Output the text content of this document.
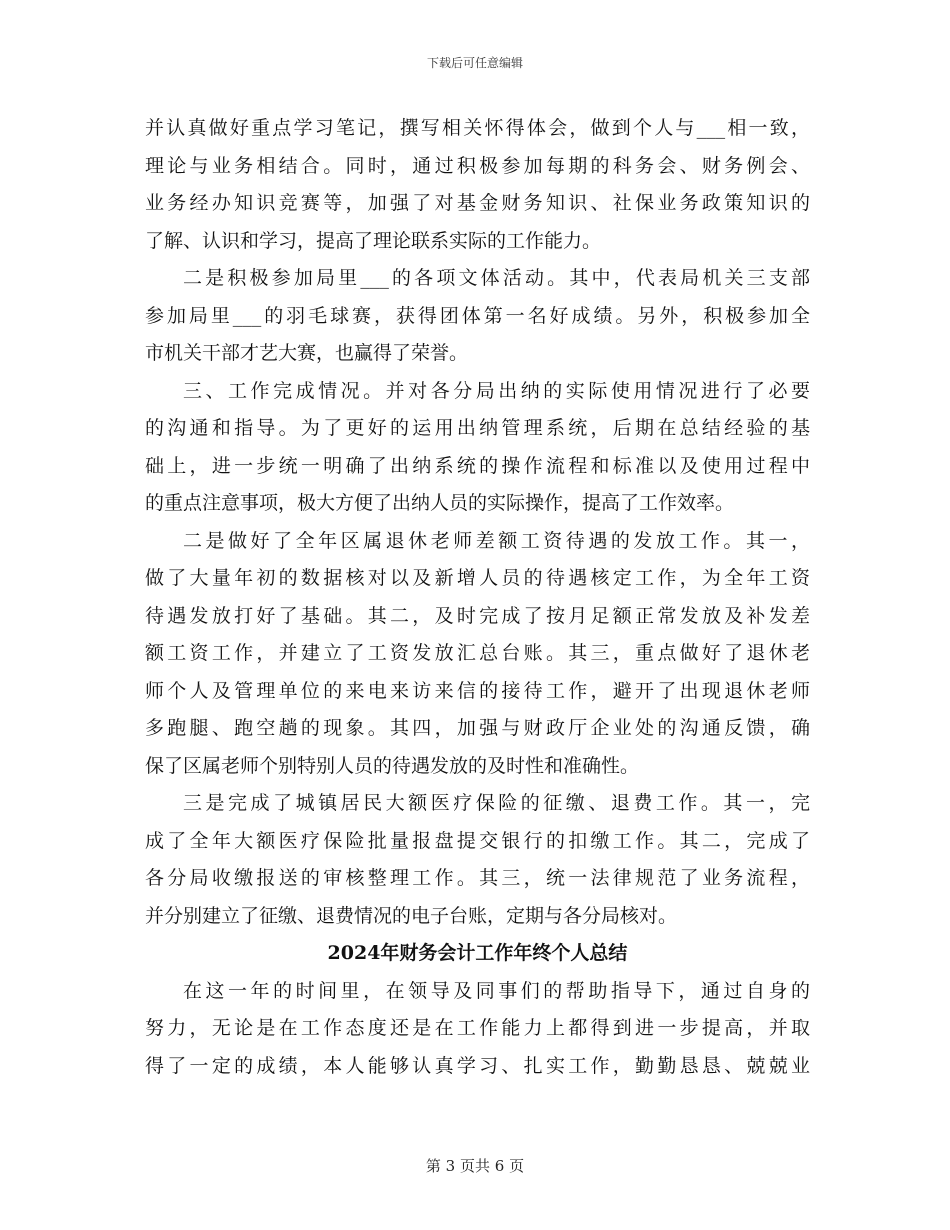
下载后可任意编辑
并认真做好重点学习笔记，撰写相关怀得体会，做到个人与___相一致，
理论与业务相结合。同时，通过积极参加每期的科务会、财务例会、
业务经办知识竞赛等，加强了对基金财务知识、社保业务政策知识的
了解、认识和学习，提高了理论联系实际的工作能力。
二是积极参加局里___的各项文体活动。其中，代表局机关三支部
参加局里___的羽毛球赛，获得团体第一名好成绩。另外，积极参加全
市机关干部才艺大赛，也赢得了荣誉。
三、工作完成情况。并对各分局出纳的实际使用情况进行了必要
的沟通和指导。为了更好的运用出纳管理系统，后期在总结经验的基
础上，进一步统一明确了出纳系统的操作流程和标准以及使用过程中
的重点注意事项，极大方便了出纳人员的实际操作，提高了工作效率。
二是做好了全年区属退休老师差额工资待遇的发放工作。其一，
做了大量年初的数据核对以及新增人员的待遇核定工作，为全年工资
待遇发放打好了基础。其二，及时完成了按月足额正常发放及补发差
额工资工作，并建立了工资发放汇总台账。其三，重点做好了退休老
师个人及管理单位的来电来访来信的接待工作，避开了出现退休老师
多跑腿、跑空趟的现象。其四，加强与财政厅企业处的沟通反馈，确
保了区属老师个别特别人员的待遇发放的及时性和准确性。
三是完成了城镇居民大额医疗保险的征缴、退费工作。其一，完
成了全年大额医疗保险批量报盘提交银行的扣缴工作。其二，完成了
各分局收缴报送的审核整理工作。其三，统一法律规范了业务流程，
并分别建立了征缴、退费情况的电子台账，定期与各分局核对。
2024年财务会计工作年终个人总结
在这一年的时间里，在领导及同事们的帮助指导下，通过自身的
努力，无论是在工作态度还是在工作能力上都得到进一步提高，并取
得了一定的成绩，本人能够认真学习、扎实工作，勤勤恳恳、兢兢业
第 3 页共 6 页
